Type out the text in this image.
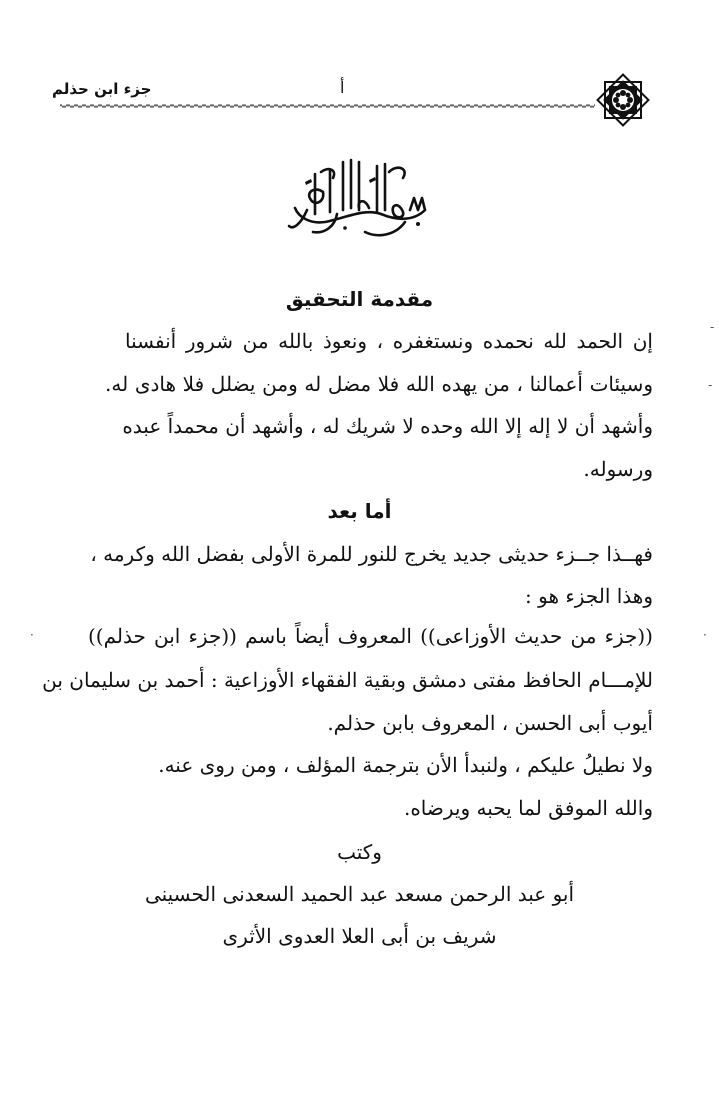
جزء ابن حذلم	أ
مقدمة التحقيق
إن الحمد لله نحمده ونستغفره ، ونعوذ بالله من شرور أنفسنا
وسيئات أعمالنا ، من يهده الله فلا مضل له ومن يضلل فلا هادى له.
وأشهد أن لا إله إلا الله وحده لا شريك له ، وأشهد أن محمداً عبده
ورسوله.
أما بعد
فهــذا جــزء حديثى جديد يخرج للنور للمرة الأولى بفضل الله وكرمه ،
وهذا الجزء هو :
((جزء من حديث الأوزاعى)) المعروف أيضاً باسم ((جزء ابن حذلم))
للإمـــام الحافظ مفتى دمشق وبقية الفقهاء الأوزاعية : أحمد بن سليمان بن
أيوب أبى الحسن ، المعروف بابن حذلم.
ولا نطيلُ عليكم ، ولنبدأ الأن بترجمة المؤلف ، ومن روى عنه.
والله الموفق لما يحبه ويرضاه.
وكتب
أبو عبد الرحمن مسعد عبد الحميد السعدنى الحسينى
شريف بن أبى العلا العدوى الأثرى
-
-
·
·
